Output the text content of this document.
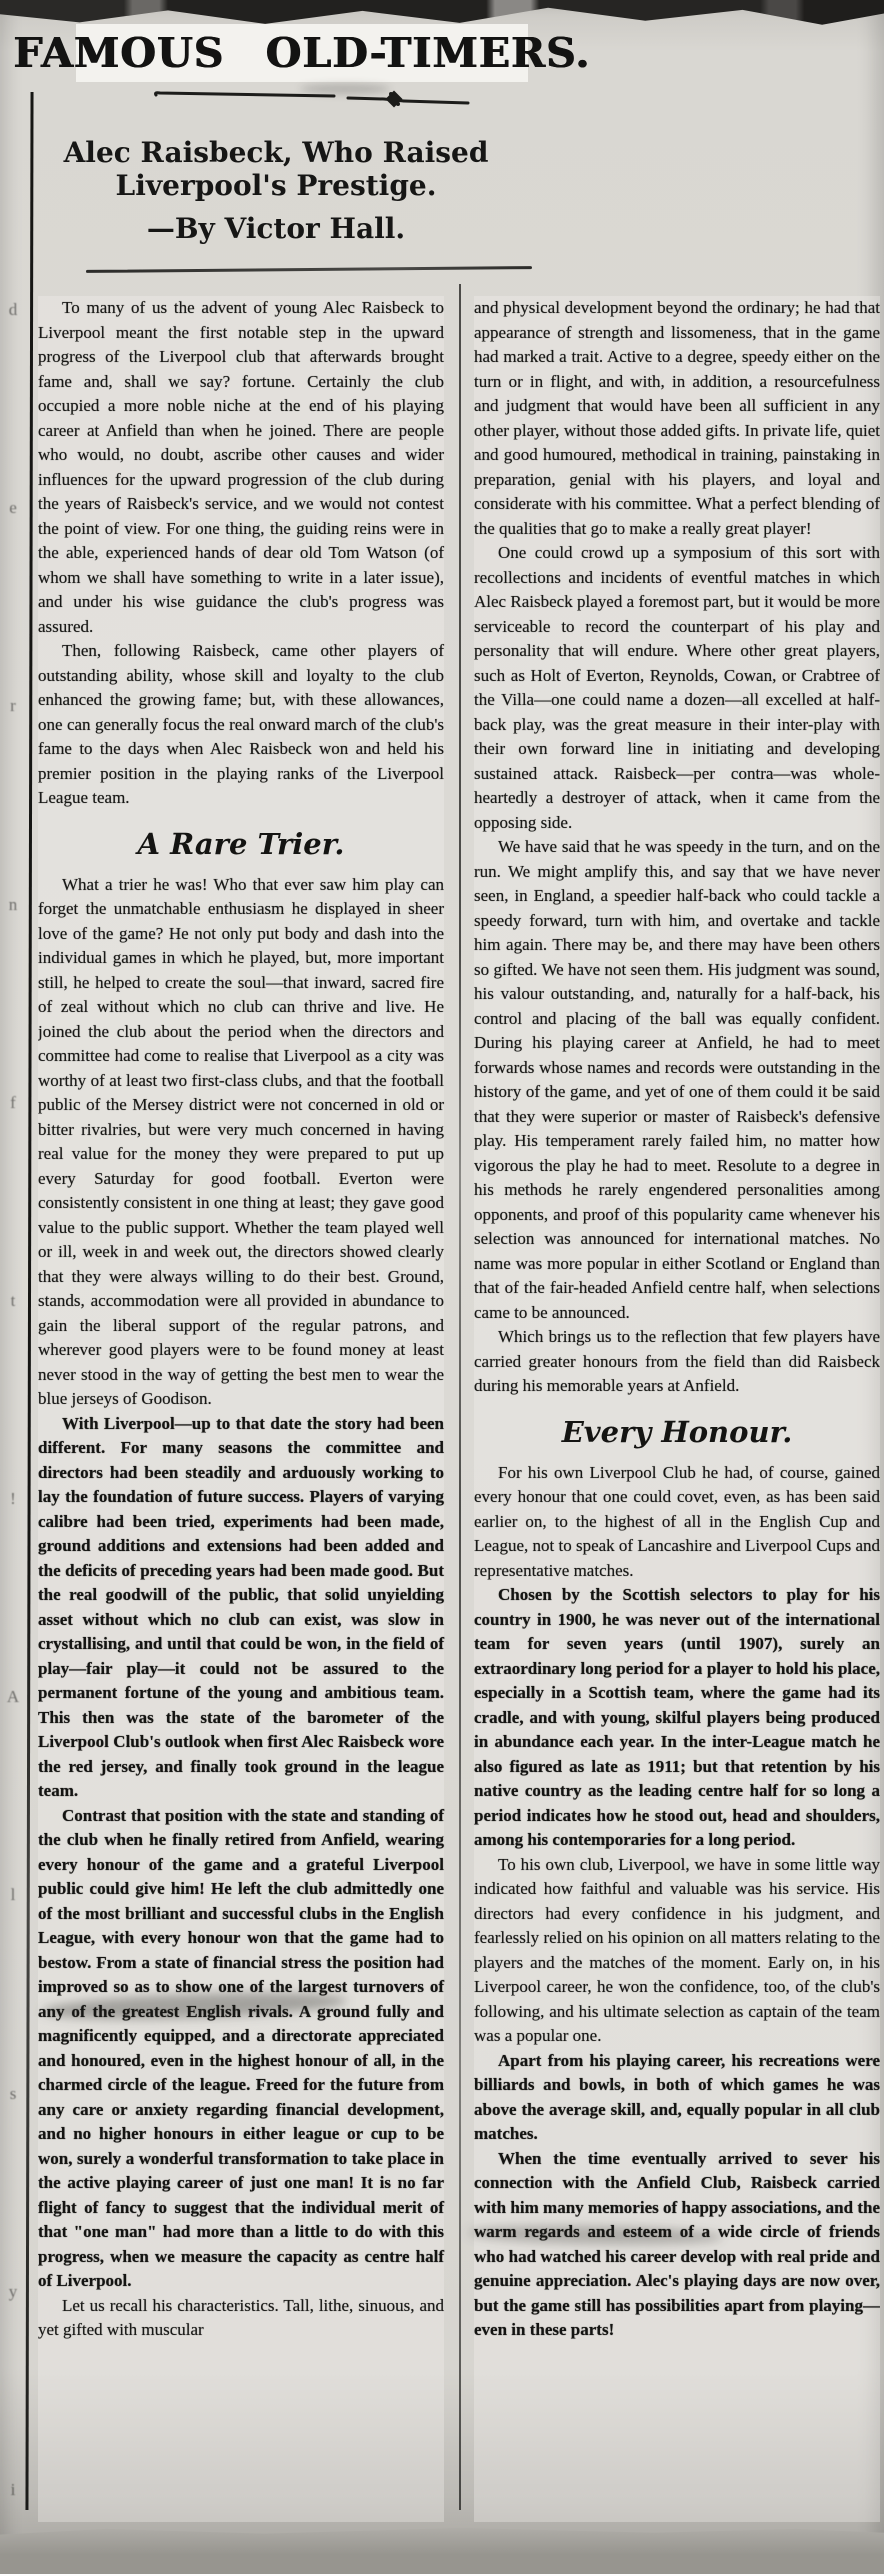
FAMOUS OLD-TIMERS.
Alec Raisbeck, Who Raised Liverpool's Prestige.
—By Victor Hall.
d
e
r
n
f
t
!
A
l
s
y
i

To many of us the advent of young Alec Raisbeck to Liverpool meant the first notable step in the upward progress of the Liverpool club that afterwards brought fame and, shall we say? fortune. Certainly the club occupied a more noble niche at the end of his playing career at Anfield than when he joined. There are people who would, no doubt, ascribe other causes and wider influences for the upward progression of the club during the years of Raisbeck's service, and we would not contest the point of view. For one thing, the guiding reins were in the able, experienced hands of dear old Tom Watson (of whom we shall have something to write in a later issue), and under his wise guidance the club's progress was assured.

Then, following Raisbeck, came other players of outstanding ability, whose skill and loyalty to the club enhanced the growing fame; but, with these allowances, one can generally focus the real onward march of the club's fame to the days when Alec Raisbeck won and held his premier position in the playing ranks of the Liverpool League team.

A Rare Trier.

What a trier he was! Who that ever saw him play can forget the unmatchable enthusiasm he displayed in sheer love of the game? He not only put body and dash into the individual games in which he played, but, more important still, he helped to create the soul—that inward, sacred fire of zeal without which no club can thrive and live. He joined the club about the period when the directors and committee had come to realise that Liverpool as a city was worthy of at least two first-class clubs, and that the football public of the Mersey district were not concerned in old or bitter rivalries, but were very much concerned in having real value for the money they were prepared to put up every Saturday for good football. Everton were consistently consistent in one thing at least; they gave good value to the public support. Whether the team played well or ill, week in and week out, the directors showed clearly that they were always willing to do their best. Ground, stands, accommodation were all provided in abundance to gain the liberal support of the regular patrons, and wherever good players were to be found money at least never stood in the way of getting the best men to wear the blue jerseys of Goodison.

With Liverpool—up to that date the story had been different. For many seasons the committee and directors had been steadily and arduously working to lay the foundation of future success. Players of varying calibre had been tried, experiments had been made, ground additions and extensions had been added and the deficits of preceding years had been made good. But the real goodwill of the public, that solid unyielding asset without which no club can exist, was slow in crystallising, and until that could be won, in the field of play—fair play—it could not be assured to the permanent fortune of the young and ambitious team. This then was the state of the barometer of the Liverpool Club's outlook when first Alec Raisbeck wore the red jersey, and finally took ground in the league team.

Contrast that position with the state and standing of the club when he finally retired from Anfield, wearing every honour of the game and a grateful Liverpool public could give him! He left the club admittedly one of the most brilliant and successful clubs in the English League, with every honour won that the game had to bestow. From a state of financial stress the position had improved so as to show one of the largest turnovers of any of the greatest English rivals. A ground fully and magnificently equipped, and a directorate appreciated and honoured, even in the highest honour of all, in the charmed circle of the league. Freed for the future from any care or anxiety regarding financial development, and no higher honours in either league or cup to be won, surely a wonderful transformation to take place in the active playing career of just one man! It is no far flight of fancy to suggest that the individual merit of that "one man" had more than a little to do with this progress, when we measure the capacity as centre half of Liverpool.

Let us recall his characteristics. Tall, lithe, sinuous, and yet gifted with muscular

and physical development beyond the ordinary; he had that appearance of strength and lissomeness, that in the game had marked a trait. Active to a degree, speedy either on the turn or in flight, and with, in addition, a resourcefulness and judgment that would have been all sufficient in any other player, without those added gifts. In private life, quiet and good humoured, methodical in training, painstaking in preparation, genial with his players, and loyal and considerate with his committee. What a perfect blending of the qualities that go to make a really great player!

One could crowd up a symposium of this sort with recollections and incidents of eventful matches in which Alec Raisbeck played a foremost part, but it would be more serviceable to record the counterpart of his play and personality that will endure. Where other great players, such as Holt of Everton, Reynolds, Cowan, or Crabtree of the Villa—one could name a dozen—all excelled at half-back play, was the great measure in their inter-play with their own forward line in initiating and developing sustained attack. Raisbeck—per contra—was whole-heartedly a destroyer of attack, when it came from the opposing side.

We have said that he was speedy in the turn, and on the run. We might amplify this, and say that we have never seen, in England, a speedier half-back who could tackle a speedy forward, turn with him, and overtake and tackle him again. There may be, and there may have been others so gifted. We have not seen them. His judgment was sound, his valour outstanding, and, naturally for a half-back, his control and placing of the ball was equally confident. During his playing career at Anfield, he had to meet forwards whose names and records were outstanding in the history of the game, and yet of one of them could it be said that they were superior or master of Raisbeck's defensive play. His temperament rarely failed him, no matter how vigorous the play he had to meet. Resolute to a degree in his methods he rarely engendered personalities among opponents, and proof of this popularity came whenever his selection was announced for international matches. No name was more popular in either Scotland or England than that of the fair-headed Anfield centre half, when selections came to be announced.

Which brings us to the reflection that few players have carried greater honours from the field than did Raisbeck during his memorable years at Anfield.

Every Honour.

For his own Liverpool Club he had, of course, gained every honour that one could covet, even, as has been said earlier on, to the highest of all in the English Cup and League, not to speak of Lancashire and Liverpool Cups and representative matches.

Chosen by the Scottish selectors to play for his country in 1900, he was never out of the international team for seven years (until 1907), surely an extraordinary long period for a player to hold his place, especially in a Scottish team, where the game had its cradle, and with young, skilful players being produced in abundance each year. In the inter-League match he also figured as late as 1911; but that retention by his native country as the leading centre half for so long a period indicates how he stood out, head and shoulders, among his contemporaries for a long period.

To his own club, Liverpool, we have in some little way indicated how faithful and valuable was his service. His directors had every confidence in his judgment, and fearlessly relied on his opinion on all matters relating to the players and the matches of the moment. Early on, in his Liverpool career, he won the confidence, too, of the club's following, and his ultimate selection as captain of the team was a popular one.

Apart from his playing career, his recreations were billiards and bowls, in both of which games he was above the average skill, and, equally popular in all club matches.

When the time eventually arrived to sever his connection with the Anfield Club, Raisbeck carried with him many memories of happy associations, and the warm regards and esteem of a wide circle of friends who had watched his career develop with real pride and genuine appreciation. Alec's playing days are now over, but the game still has possibilities apart from playing—even in these parts!
